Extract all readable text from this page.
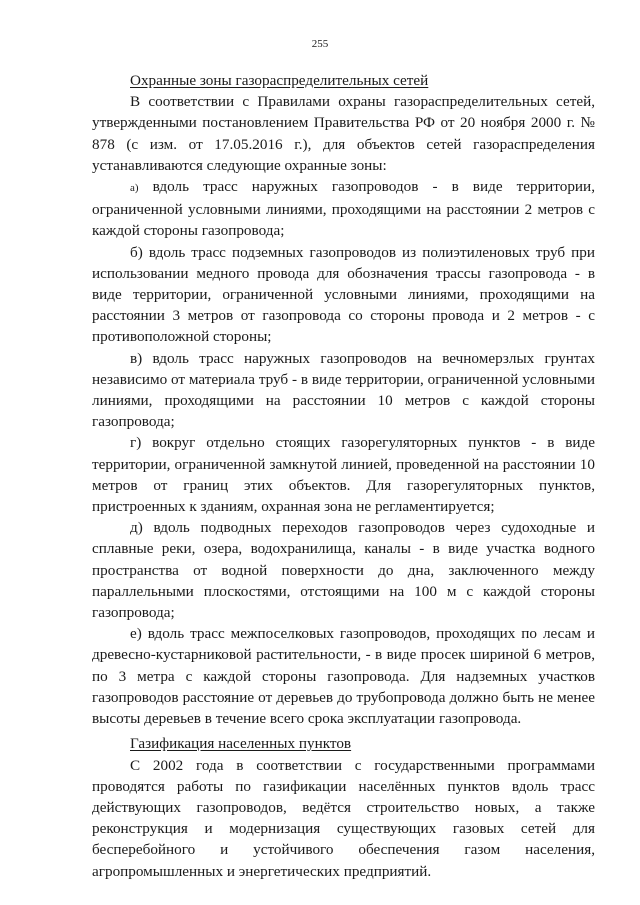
255
Охранные зоны газораспределительных сетей

В соответствии с Правилами охраны газораспределительных сетей, утвержденными постановлением Правительства РФ от 20 ноября 2000 г. № 878 (с изм. от 17.05.2016 г.), для объектов сетей газораспределения устанавливаются следующие охранные зоны:

а) вдоль трасс наружных газопроводов - в виде территории, ограниченной условными линиями, проходящими на расстоянии 2 метров с каждой стороны газопровода;

б) вдоль трасс подземных газопроводов из полиэтиленовых труб при использовании медного провода для обозначения трассы газопровода - в виде территории, ограниченной условными линиями, проходящими на расстоянии 3 метров от газопровода со стороны провода и 2 метров - с противоположной стороны;

в) вдоль трасс наружных газопроводов на вечномерзлых грунтах независимо от материала труб - в виде территории, ограниченной условными линиями, проходящими на расстоянии 10 метров с каждой стороны газопровода;

г) вокруг отдельно стоящих газорегуляторных пунктов - в виде территории, ограниченной замкнутой линией, проведенной на расстоянии 10 метров от границ этих объектов. Для газорегуляторных пунктов, пристроенных к зданиям, охранная зона не регламентируется;

д) вдоль подводных переходов газопроводов через судоходные и сплавные реки, озера, водохранилища, каналы - в виде участка водного пространства от водной поверхности до дна, заключенного между параллельными плоскостями, отстоящими на 100 м с каждой стороны газопровода;

е) вдоль трасс межпоселковых газопроводов, проходящих по лесам и древесно-кустарниковой растительности, - в виде просек шириной 6 метров, по 3 метра с каждой стороны газопровода. Для надземных участков газопроводов расстояние от деревьев до трубопровода должно быть не менее высоты деревьев в течение всего срока эксплуатации газопровода.

Газификация населенных пунктов

С 2002 года в соответствии с государственными программами проводятся работы по газификации населённых пунктов вдоль трасс действующих газопроводов, ведётся строительство новых, а также реконструкция и модернизация существующих газовых сетей для бесперебойного и устойчивого обеспечения газом населения, агропромышленных и энергетических предприятий.
